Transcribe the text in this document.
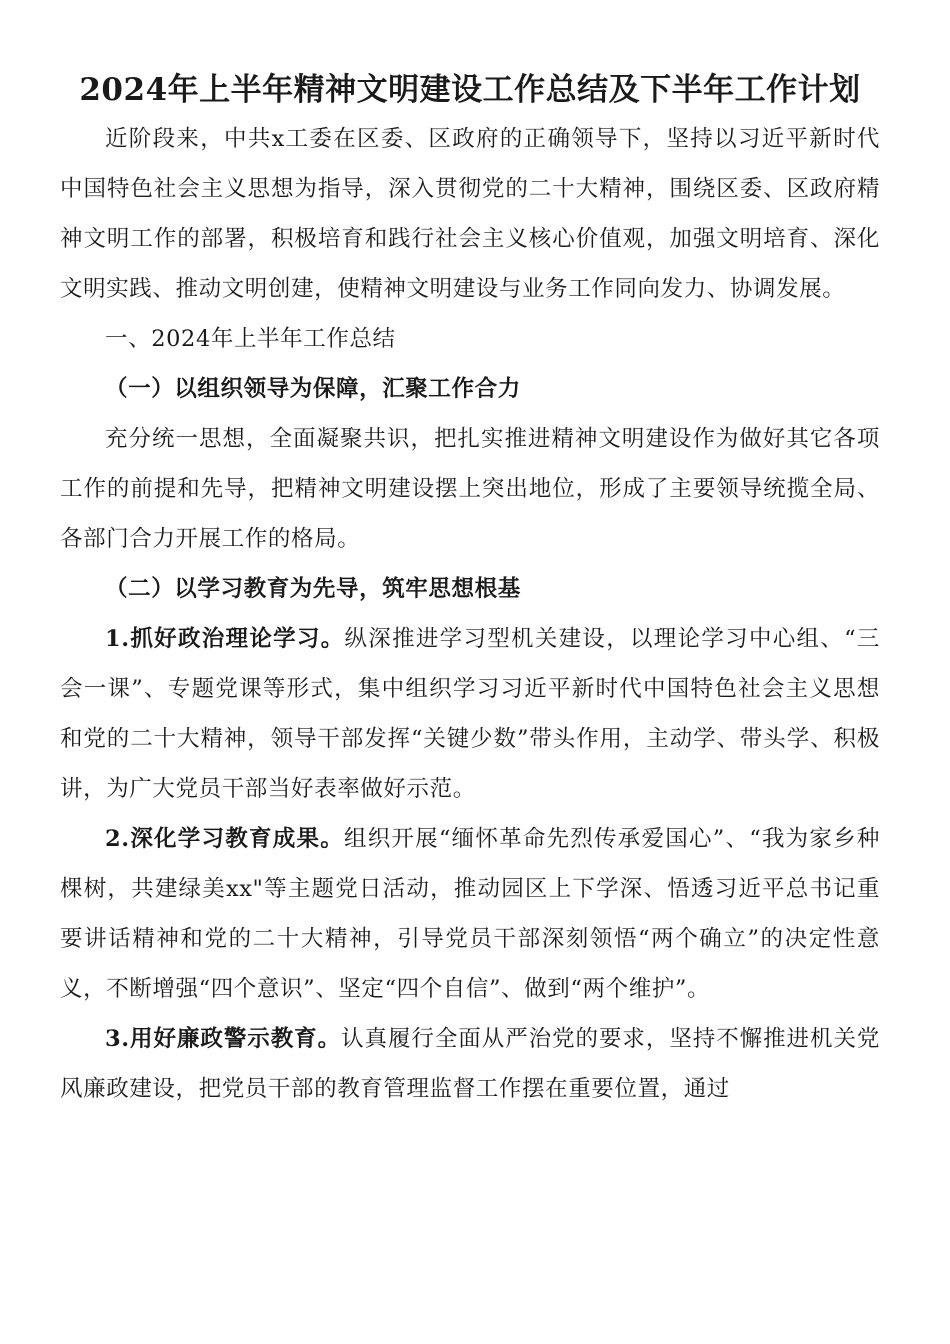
2024年上半年精神文明建设工作总结及下半年工作计划

近阶段来，中共x工委在区委、区政府的正确领导下，坚持以习近平新时代中国特色社会主义思想为指导，深入贯彻党的二十大精神，围绕区委、区政府精神文明工作的部署，积极培育和践行社会主义核心价值观，加强文明培育、深化文明实践、推动文明创建，使精神文明建设与业务工作同向发力、协调发展。

一、2024年上半年工作总结

（一）以组织领导为保障，汇聚工作合力

充分统一思想，全面凝聚共识，把扎实推进精神文明建设作为做好其它各项工作的前提和先导，把精神文明建设摆上突出地位，形成了主要领导统揽全局、各部门合力开展工作的格局。

（二）以学习教育为先导，筑牢思想根基

1.抓好政治理论学习。纵深推进学习型机关建设，以理论学习中心组、“三会一课”、专题党课等形式，集中组织学习习近平新时代中国特色社会主义思想和党的二十大精神，领导干部发挥“关键少数”带头作用，主动学、带头学、积极讲，为广大党员干部当好表率做好示范。

2.深化学习教育成果。组织开展“缅怀革命先烈传承爱国心”、“我为家乡种棵树，共建绿美xx"等主题党日活动，推动园区上下学深、悟透习近平总书记重要讲话精神和党的二十大精神，引导党员干部深刻领悟“两个确立”的决定性意义，不断增强“四个意识”、坚定“四个自信”、做到“两个维护”。

3.用好廉政警示教育。认真履行全面从严治党的要求，坚持不懈推进机关党风廉政建设，把党员干部的教育管理监督工作摆在重要位置，通过
